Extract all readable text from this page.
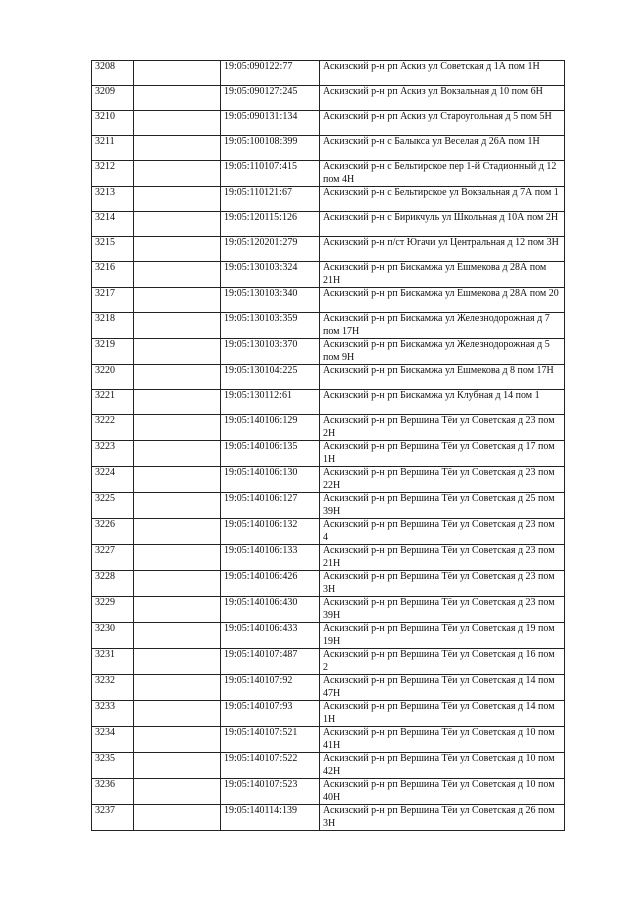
3208		19:05:090122:77	Аскизский р-н рп Аскиз ул Советская д 1А пом 1Н
3209		19:05:090127:245	Аскизский р-н рп Аскиз ул Вокзальная д 10 пом 6Н
3210		19:05:090131:134	Аскизский р-н рп Аскиз ул Староугольная д 5 пом 5Н
3211		19:05:100108:399	Аскизский р-н с Балыкса ул Веселая д 26А пом 1Н
3212		19:05:110107:415	Аскизский р-н с Бельтирское пер 1-й Стадионный д 12 пом 4Н
3213		19:05:110121:67	Аскизский р-н с Бельтирское ул Вокзальная д 7А пом 1
3214		19:05:120115:126	Аскизский р-н с Бирикчуль ул Школьная д 10А пом 2Н
3215		19:05:120201:279	Аскизский р-н п/ст Югачи ул Центральная д 12 пом 3Н
3216		19:05:130103:324	Аскизский р-н рп Бискамжа ул Ешмекова д 28А пом 21Н
3217		19:05:130103:340	Аскизский р-н рп Бискамжа ул Ешмекова д 28А пом 20
3218		19:05:130103:359	Аскизский р-н рп Бискамжа ул Железнодорожная д 7 пом 17Н
3219		19:05:130103:370	Аскизский р-н рп Бискамжа ул Железнодорожная д 5 пом 9Н
3220		19:05:130104:225	Аскизский р-н рп Бискамжа ул Ешмекова д 8 пом 17Н
3221		19:05:130112:61	Аскизский р-н рп Бискамжа ул Клубная д 14 пом 1
3222		19:05:140106:129	Аскизский р-н рп Вершина Тёи ул Советская д 23 пом 2Н
3223		19:05:140106:135	Аскизский р-н рп Вершина Тёи ул Советская д 17 пом 1Н
3224		19:05:140106:130	Аскизский р-н рп Вершина Тёи ул Советская д 23 пом 22Н
3225		19:05:140106:127	Аскизский р-н рп Вершина Тёи ул Советская д 25 пом 39Н
3226		19:05:140106:132	Аскизский р-н рп Вершина Тёи ул Советская д 23 пом 4
3227		19:05:140106:133	Аскизский р-н рп Вершина Тёи ул Советская д 23 пом 21Н
3228		19:05:140106:426	Аскизский р-н рп Вершина Тёи ул Советская д 23 пом 3Н
3229		19:05:140106:430	Аскизский р-н рп Вершина Тёи ул Советская д 23 пом 39Н
3230		19:05:140106:433	Аскизский р-н рп Вершина Тёи ул Советская д 19 пом 19Н
3231		19:05:140107:487	Аскизский р-н рп Вершина Тёи ул Советская д 16 пом 2
3232		19:05:140107:92	Аскизский р-н рп Вершина Тёи ул Советская д 14 пом 47Н
3233		19:05:140107:93	Аскизский р-н рп Вершина Тёи ул Советская д 14 пом 1Н
3234		19:05:140107:521	Аскизский р-н рп Вершина Тёи ул Советская д 10 пом 41Н
3235		19:05:140107:522	Аскизский р-н рп Вершина Тёи ул Советская д 10 пом 42Н
3236		19:05:140107:523	Аскизский р-н рп Вершина Тёи ул Советская д 10 пом 40Н
3237		19:05:140114:139	Аскизский р-н рп Вершина Тёи ул Советская д 26 пом 3Н
